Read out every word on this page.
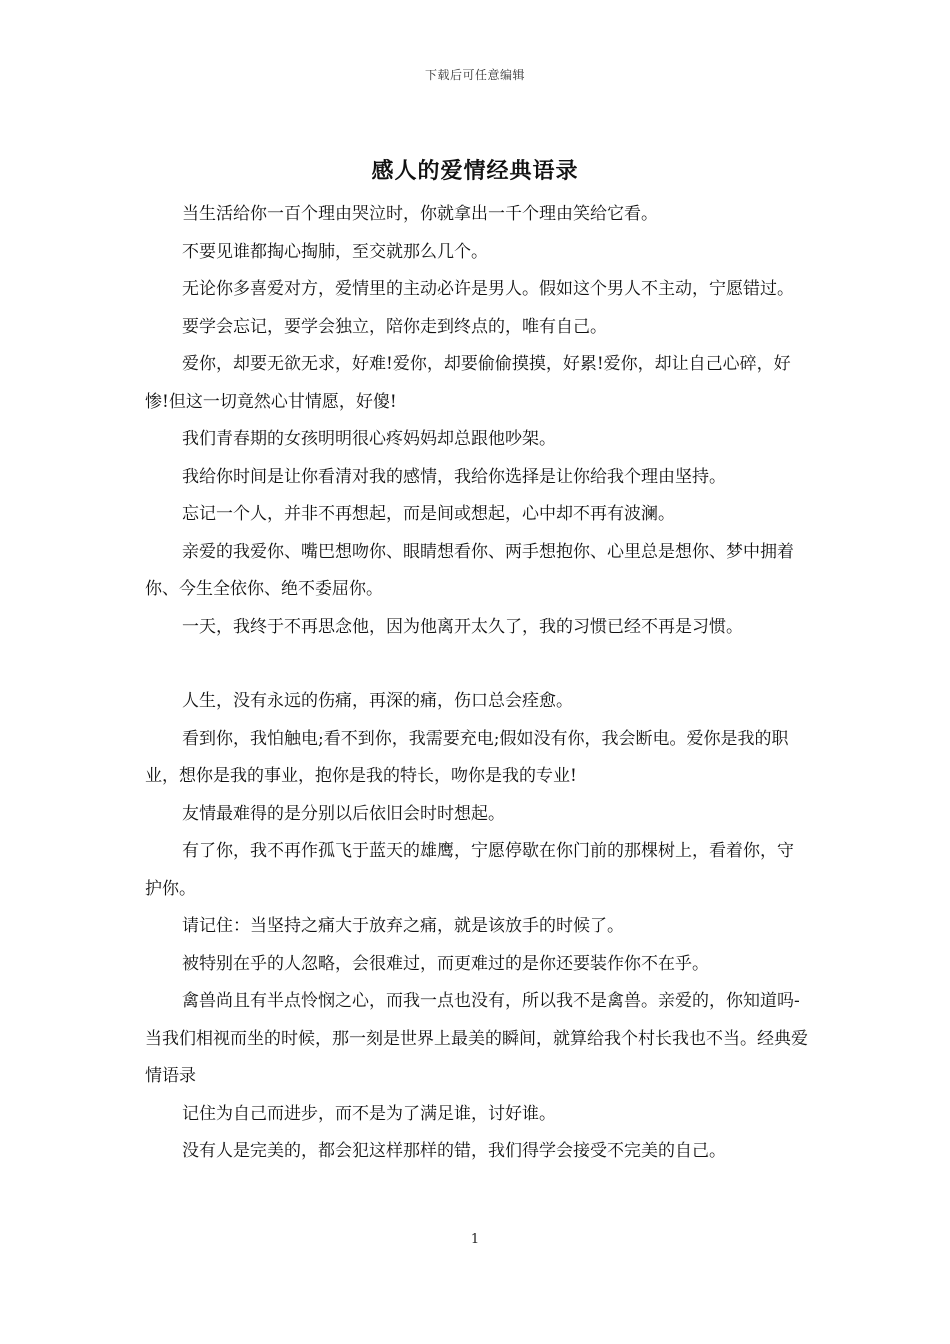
下载后可任意编辑
感人的爱情经典语录

当生活给你一百个理由哭泣时，你就拿出一千个理由笑给它看。

不要见谁都掏心掏肺，至交就那么几个。

无论你多喜爱对方，爱情里的主动必许是男人。假如这个男人不主动，宁愿错过。

要学会忘记，要学会独立，陪你走到终点的，唯有自己。

爱你，却要无欲无求，好难!爱你，却要偷偷摸摸，好累!爱你，却让自己心碎，好惨!但这一切竟然心甘情愿，好傻!

我们青春期的女孩明明很心疼妈妈却总跟他吵架。

我给你时间是让你看清对我的感情，我给你选择是让你给我个理由坚持。

忘记一个人，并非不再想起，而是间或想起，心中却不再有波澜。

亲爱的我爱你、嘴巴想吻你、眼睛想看你、两手想抱你、心里总是想你、梦中拥着你、今生全依你、绝不委屈你。

一天，我终于不再思念他，因为他离开太久了，我的习惯已经不再是习惯。

人生，没有永远的伤痛，再深的痛，伤口总会痊愈。

看到你，我怕触电;看不到你，我需要充电;假如没有你，我会断电。爱你是我的职业，想你是我的事业，抱你是我的特长，吻你是我的专业!

友情最难得的是分别以后依旧会时时想起。

有了你，我不再作孤飞于蓝天的雄鹰，宁愿停歇在你门前的那棵树上，看着你，守护你。

请记住：当坚持之痛大于放弃之痛，就是该放手的时候了。

被特别在乎的人忽略，会很难过，而更难过的是你还要装作你不在乎。

禽兽尚且有半点怜悯之心，而我一点也没有，所以我不是禽兽。亲爱的，你知道吗-当我们相视而坐的时候，那一刻是世界上最美的瞬间，就算给我个村长我也不当。经典爱情语录

记住为自己而进步，而不是为了满足谁，讨好谁。

没有人是完美的，都会犯这样那样的错，我们得学会接受不完美的自己。

1
